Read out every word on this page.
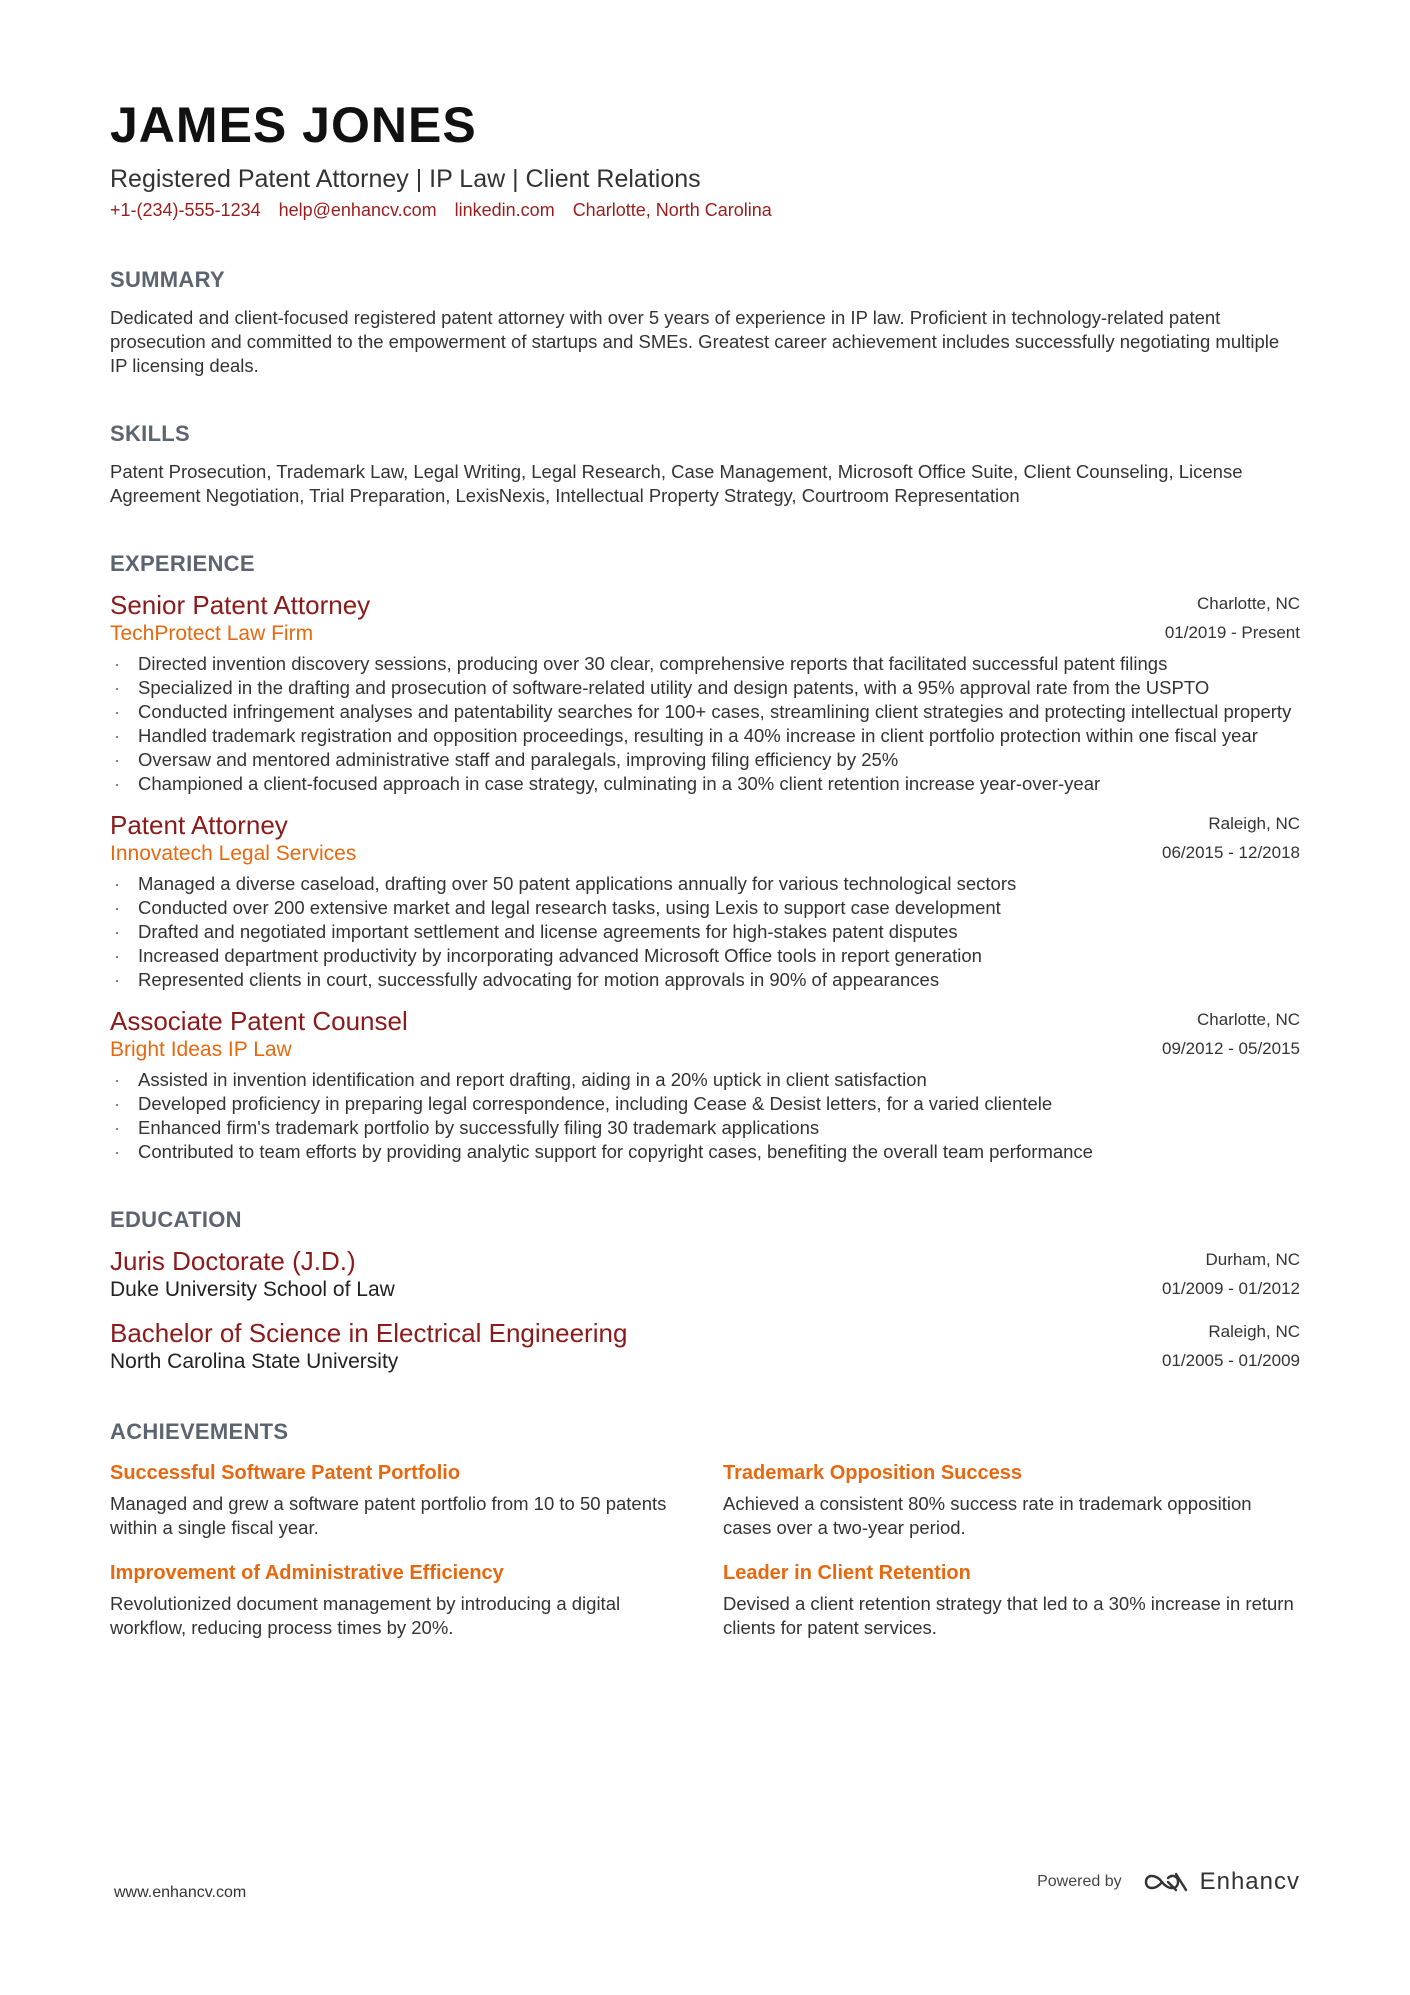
JAMES JONES
Registered Patent Attorney | IP Law | Client Relations
+1-(234)-555-1234 help@enhancv.com linkedin.com Charlotte, North Carolina
SUMMARY
Dedicated and client-focused registered patent attorney with over 5 years of experience in IP law. Proficient in technology-related patent prosecution and committed to the empowerment of startups and SMEs. Greatest career achievement includes successfully negotiating multiple IP licensing deals.
SKILLS
Patent Prosecution, Trademark Law, Legal Writing, Legal Research, Case Management, Microsoft Office Suite, Client Counseling, License Agreement Negotiation, Trial Preparation, LexisNexis, Intellectual Property Strategy, Courtroom Representation
EXPERIENCE
Senior Patent Attorney
TechProtect Law Firm
Charlotte, NC
01/2019 - Present
· Directed invention discovery sessions, producing over 30 clear, comprehensive reports that facilitated successful patent filings
· Specialized in the drafting and prosecution of software-related utility and design patents, with a 95% approval rate from the USPTO
· Conducted infringement analyses and patentability searches for 100+ cases, streamlining client strategies and protecting intellectual property
· Handled trademark registration and opposition proceedings, resulting in a 40% increase in client portfolio protection within one fiscal year
· Oversaw and mentored administrative staff and paralegals, improving filing efficiency by 25%
· Championed a client-focused approach in case strategy, culminating in a 30% client retention increase year-over-year
Patent Attorney
Innovatech Legal Services
Raleigh, NC
06/2015 - 12/2018
· Managed a diverse caseload, drafting over 50 patent applications annually for various technological sectors
· Conducted over 200 extensive market and legal research tasks, using Lexis to support case development
· Drafted and negotiated important settlement and license agreements for high-stakes patent disputes
· Increased department productivity by incorporating advanced Microsoft Office tools in report generation
· Represented clients in court, successfully advocating for motion approvals in 90% of appearances
Associate Patent Counsel
Bright Ideas IP Law
Charlotte, NC
09/2012 - 05/2015
· Assisted in invention identification and report drafting, aiding in a 20% uptick in client satisfaction
· Developed proficiency in preparing legal correspondence, including Cease & Desist letters, for a varied clientele
· Enhanced firm's trademark portfolio by successfully filing 30 trademark applications
· Contributed to team efforts by providing analytic support for copyright cases, benefiting the overall team performance
EDUCATION
Juris Doctorate (J.D.)
Duke University School of Law
Durham, NC
01/2009 - 01/2012
Bachelor of Science in Electrical Engineering
North Carolina State University
Raleigh, NC
01/2005 - 01/2009
ACHIEVEMENTS
Successful Software Patent Portfolio
Managed and grew a software patent portfolio from 10 to 50 patents within a single fiscal year.
Trademark Opposition Success
Achieved a consistent 80% success rate in trademark opposition cases over a two-year period.
Improvement of Administrative Efficiency
Revolutionized document management by introducing a digital workflow, reducing process times by 20%.
Leader in Client Retention
Devised a client retention strategy that led to a 30% increase in return clients for patent services.
www.enhancv.com
Powered by	Enhancv
